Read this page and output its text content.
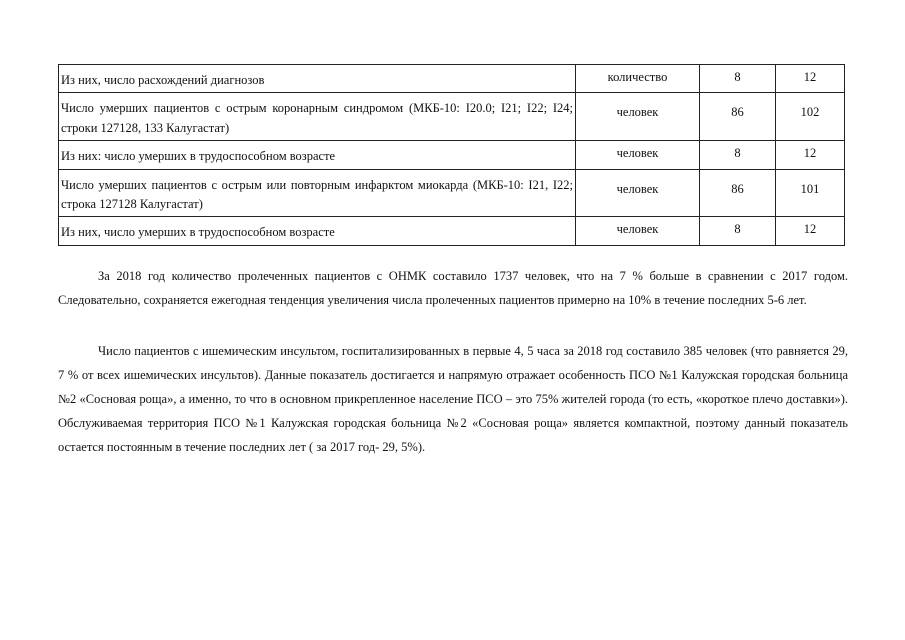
Из них, число расхождений диагнозов	количество	8	12
Число умерших пациентов с острым коронарным синдромом (МКБ-10: I20.0; I21; I22; I24; строки 127128, 133 Калугастат)	человек	86	102
Из них: число умерших в трудоспособном возрасте	человек	8	12
Число умерших пациентов с острым или повторным инфарктом миокарда (МКБ-10: I21, I22; строка 127128 Калугастат)	человек	86	101
Из них, число умерших в трудоспособном возрасте	человек	8	12

За 2018 год количество пролеченных пациентов с ОНМК составило 1737 человек, что на 7 % больше в сравнении с 2017 годом. Следовательно, сохраняется ежегодная тенденция увеличения числа пролеченных пациентов примерно на 10% в течение последних 5-6 лет.

Число пациентов с ишемическим инсультом, госпитализированных в первые 4, 5 часа за 2018 год составило 385 человек (что равняется 29, 7 % от всех ишемических инсультов). Данные показатель достигается и напрямую отражает особенность ПСО №1 Калужская городская больница №2 «Сосновая роща», а именно, то что в основном прикрепленное население ПСО – это 75% жителей города (то есть, «короткое плечо доставки»). Обслуживаемая территория ПСО №1 Калужская городская больница №2 «Сосновая роща» является компактной, поэтому данный показатель остается постоянным в течение последних лет ( за 2017 год- 29, 5%).
